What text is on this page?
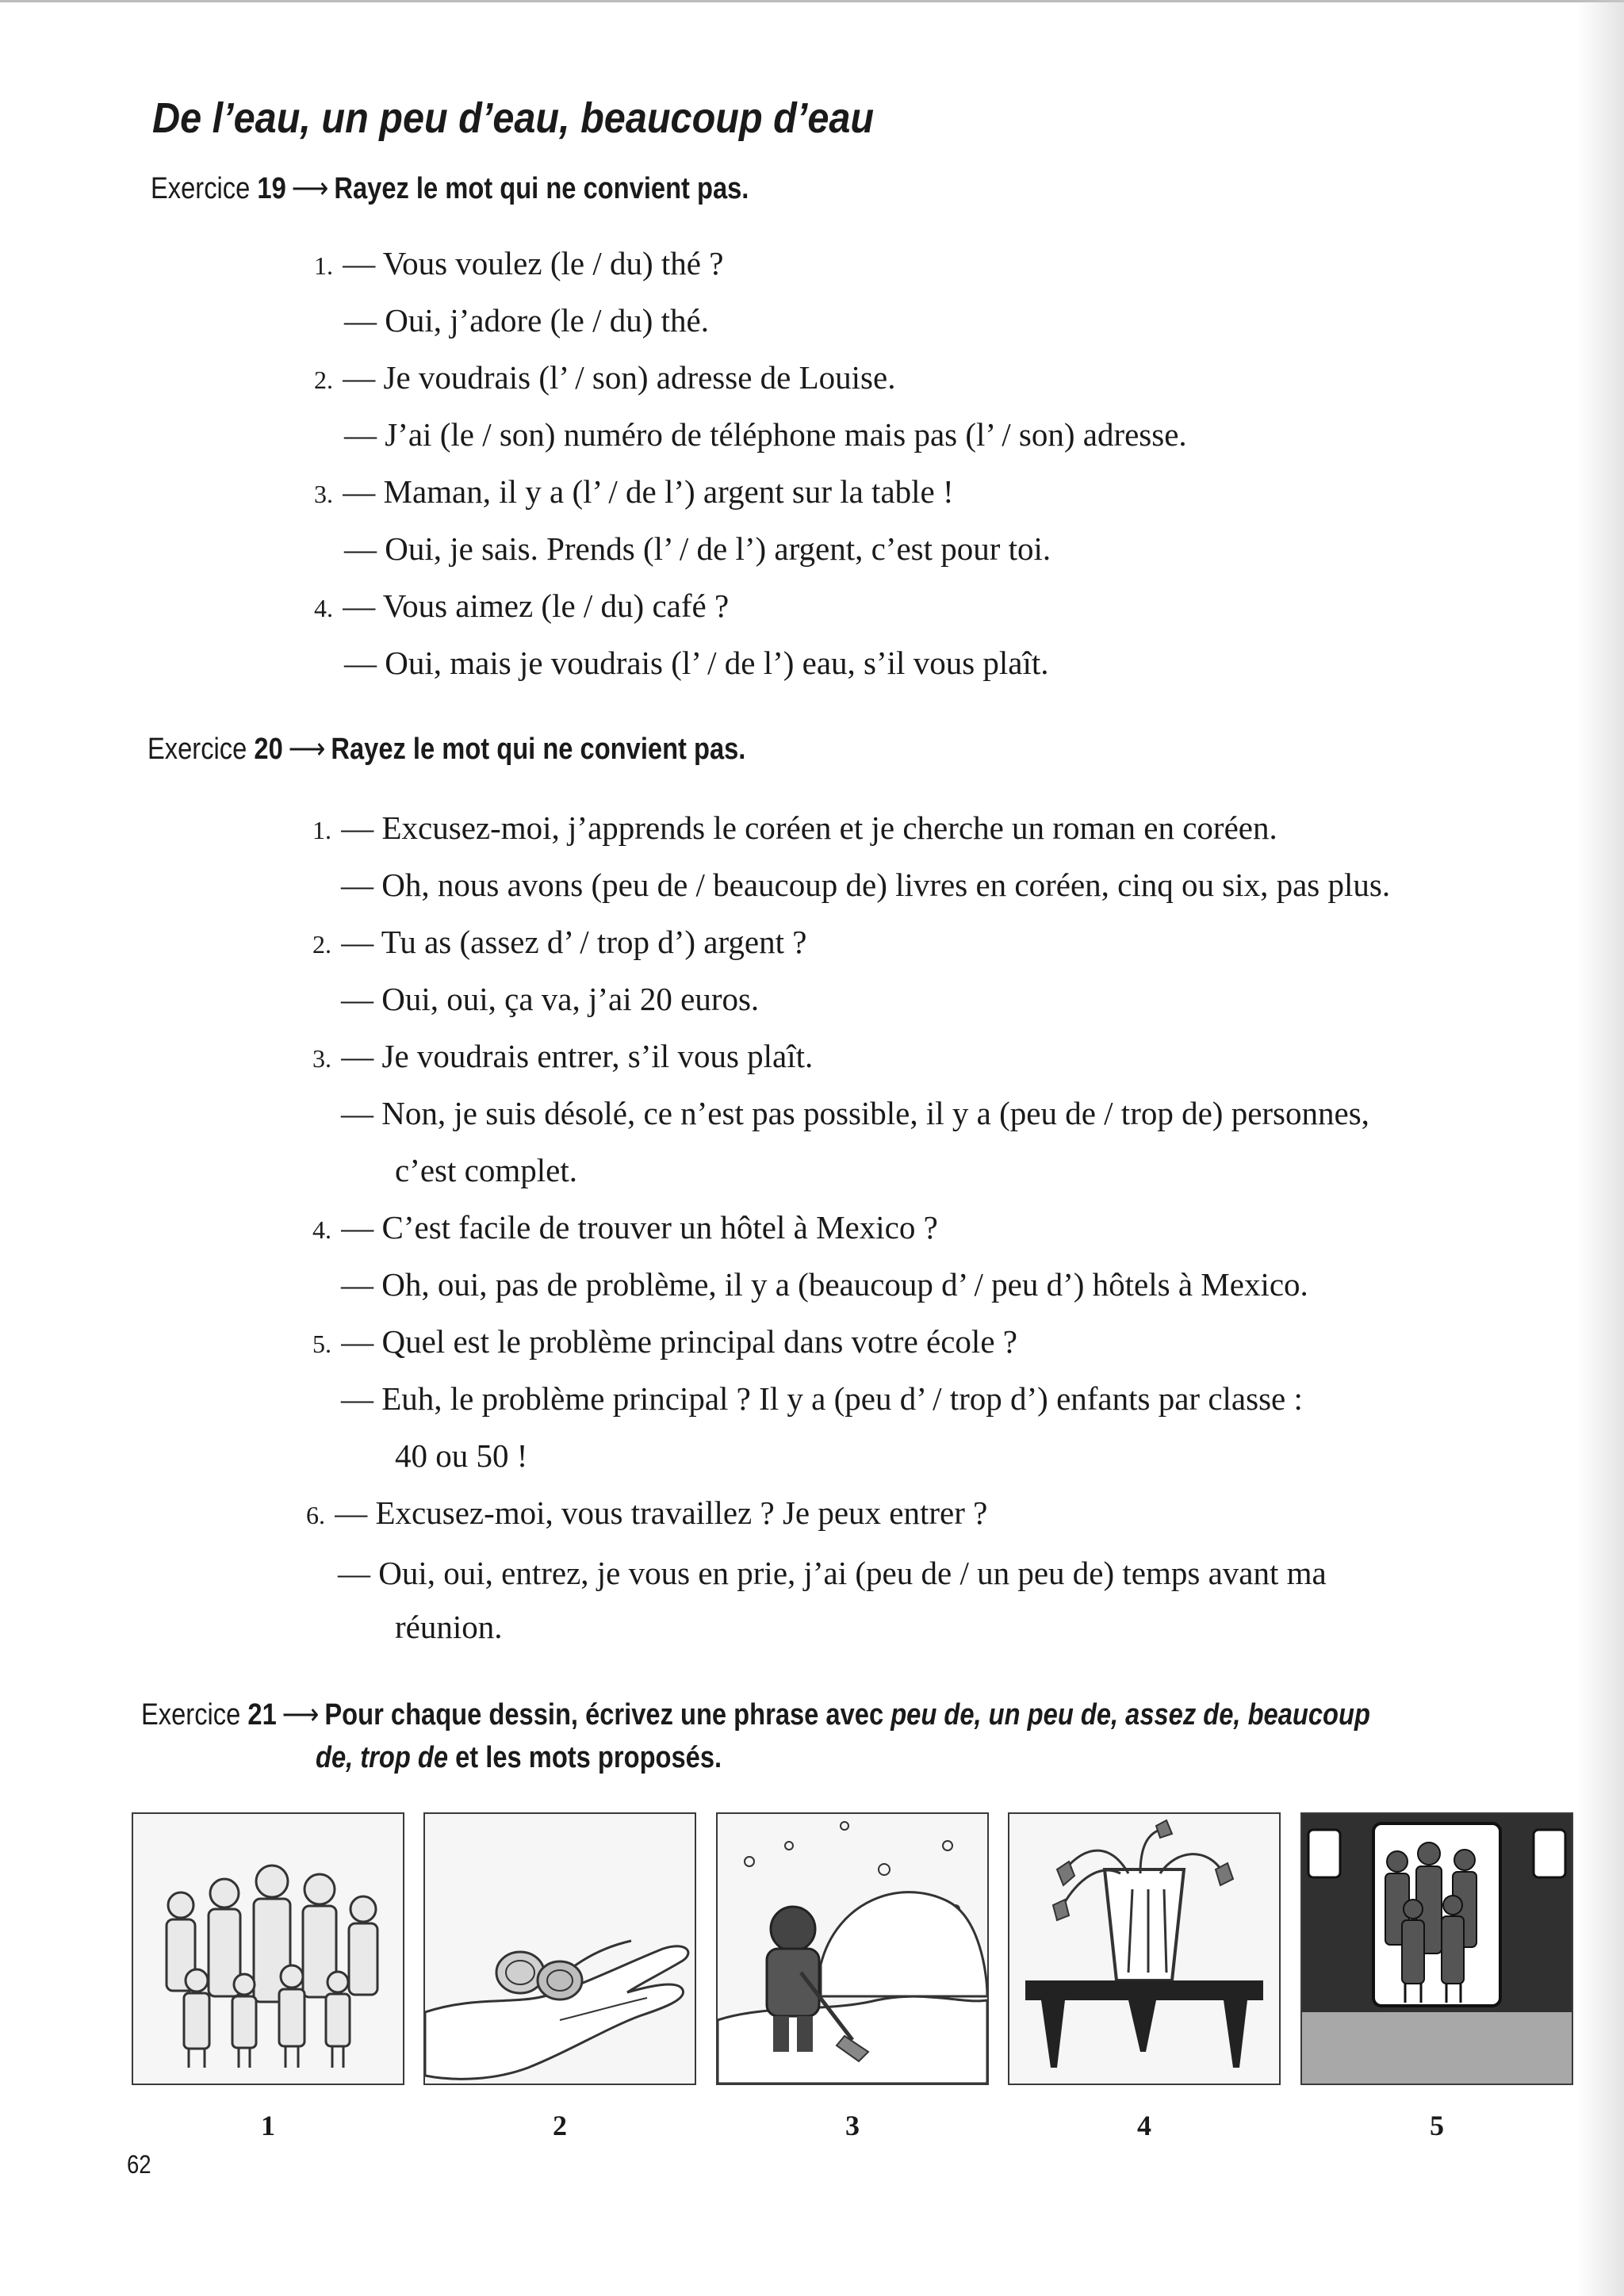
De l’eau, un peu d’eau, beaucoup d’eau
Exercice 19 ⟶ Rayez le mot qui ne convient pas.
1. — Vous voulez (le / du) thé ?
— Oui, j’adore (le / du) thé.
2. — Je voudrais (l’ / son) adresse de Louise.
— J’ai (le / son) numéro de téléphone mais pas (l’ / son) adresse.
3. — Maman, il y a (l’ / de l’) argent sur la table !
— Oui, je sais. Prends (l’ / de l’) argent, c’est pour toi.
4. — Vous aimez (le / du) café ?
— Oui, mais je voudrais (l’ / de l’) eau, s’il vous plaît.
Exercice 20 ⟶ Rayez le mot qui ne convient pas.
1. — Excusez-moi, j’apprends le coréen et je cherche un roman en coréen.
— Oh, nous avons (peu de / beaucoup de) livres en coréen, cinq ou six, pas plus.
2. — Tu as (assez d’ / trop d’) argent ?
— Oui, oui, ça va, j’ai 20 euros.
3. — Je voudrais entrer, s’il vous plaît.
— Non, je suis désolé, ce n’est pas possible, il y a (peu de / trop de) personnes,
c’est complet.
4. — C’est facile de trouver un hôtel à Mexico ?
— Oh, oui, pas de problème, il y a (beaucoup d’ / peu d’) hôtels à Mexico.
5. — Quel est le problème principal dans votre école ?
— Euh, le problème principal ? Il y a (peu d’ / trop d’) enfants par classe :
40 ou 50 !
6. — Excusez-moi, vous travaillez ? Je peux entrer ?
— Oui, oui, entrez, je vous en prie, j’ai (peu de / un peu de) temps avant ma
réunion.
Exercice 21 ⟶ Pour chaque dessin, écrivez une phrase avec peu de, un peu de, assez de, beaucoup
de, trop de et les mots proposés.
1	2	3	4	5
62
